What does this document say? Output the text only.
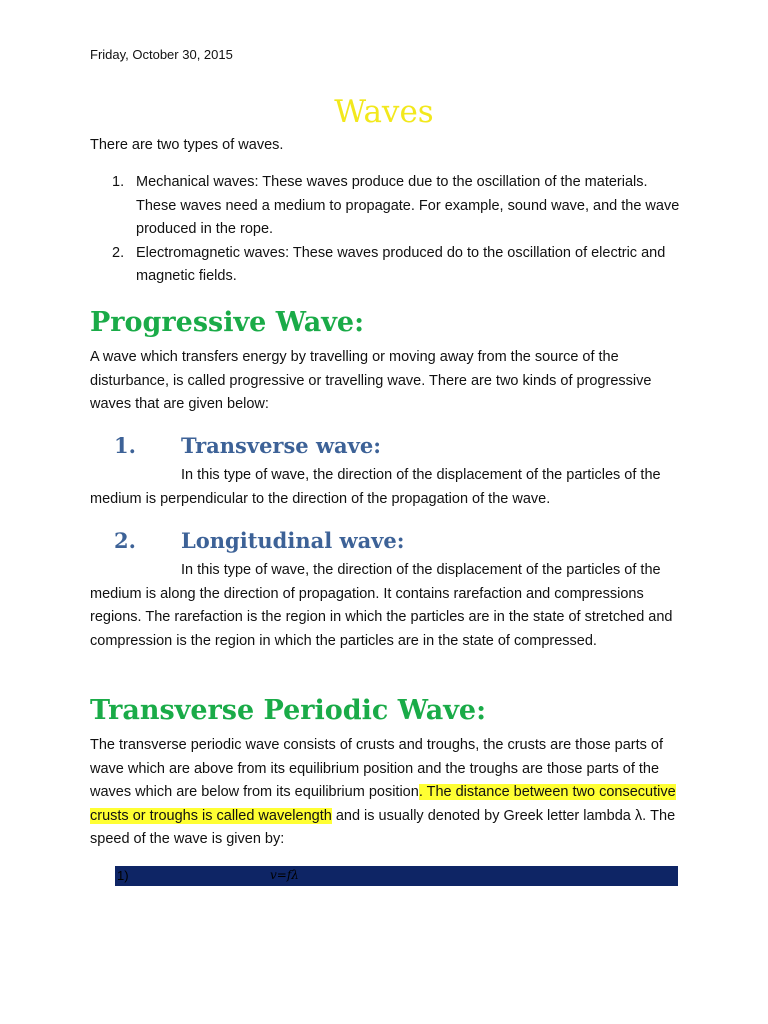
Friday, October 30, 2015
Waves

There are two types of waves.

1. Mechanical waves: These waves produce due to the oscillation of the materials. These waves need a medium to propagate. For example, sound wave, and the wave produced in the rope.
2. Electromagnetic waves: These waves produced do to the oscillation of electric and magnetic fields.
Progressive Wave:

A wave which transfers energy by travelling or moving away from the source of the disturbance, is called progressive or travelling wave. There are two kinds of progressive waves that are given below:

1. Transverse wave:

In this type of wave, the direction of the displacement of the particles of the medium is perpendicular to the direction of the propagation of the wave.

2. Longitudinal wave:

In this type of wave, the direction of the displacement of the particles of the medium is along the direction of propagation. It contains rarefaction and compressions regions. The rarefaction is the region in which the particles are in the state of stretched and compression is the region in which the particles are in the state of compressed.

Transverse Periodic Wave:

The transverse periodic wave consists of crusts and troughs, the crusts are those parts of wave which are above from its equilibrium position and the troughs are those parts of the waves which are below from its equilibrium position. The distance between two consecutive crusts or troughs is called wavelength and is usually denoted by Greek letter lambda λ. The speed of the wave is given by:

1)	v=fλ
